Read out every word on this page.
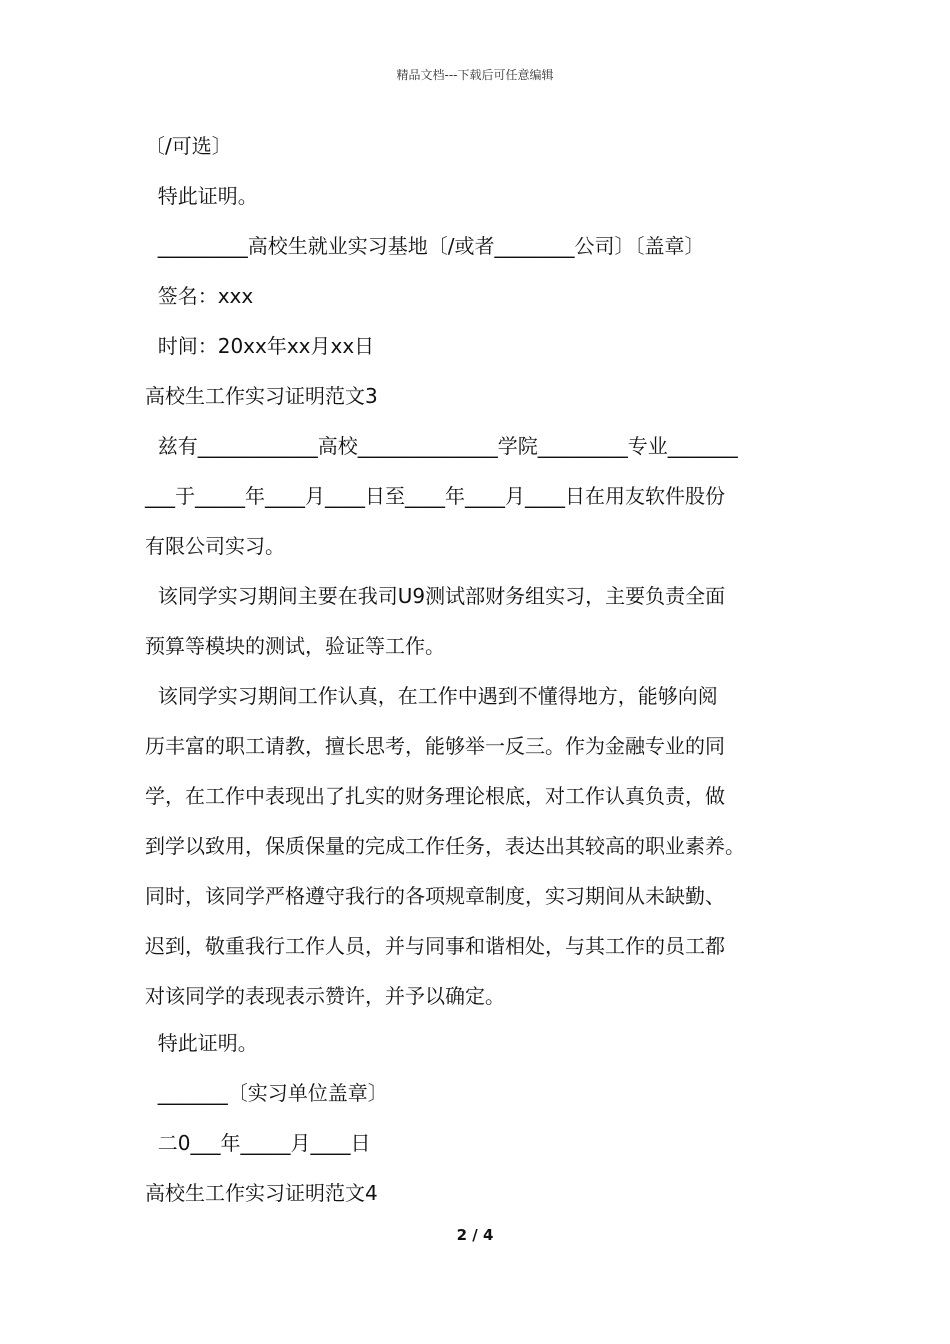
精品文档---下载后可任意编辑
〔/可选〕
特此证明。
_________高校生就业实习基地〔/或者________公司〕〔盖章〕
签名：xxx
时间：20xx年xx月xx日
高校生工作实习证明范文3
兹有____________高校______________学院_________专业_______
___于_____年____月____日至____年____月____日在用友软件股份
有限公司实习。
该同学实习期间主要在我司U9测试部财务组实习，主要负责全面
预算等模块的测试，验证等工作。
该同学实习期间工作认真，在工作中遇到不懂得地方，能够向阅
历丰富的职工请教，擅长思考，能够举一反三。作为金融专业的同
学，在工作中表现出了扎实的财务理论根底，对工作认真负责，做
到学以致用，保质保量的完成工作任务，表达出其较高的职业素养。
同时，该同学严格遵守我行的各项规章制度，实习期间从未缺勤、
迟到，敬重我行工作人员，并与同事和谐相处，与其工作的员工都
对该同学的表现表示赞许，并予以确定。
特此证明。
_______〔实习单位盖章〕
二0___年_____月____日
高校生工作实习证明范文4
2 / 4
